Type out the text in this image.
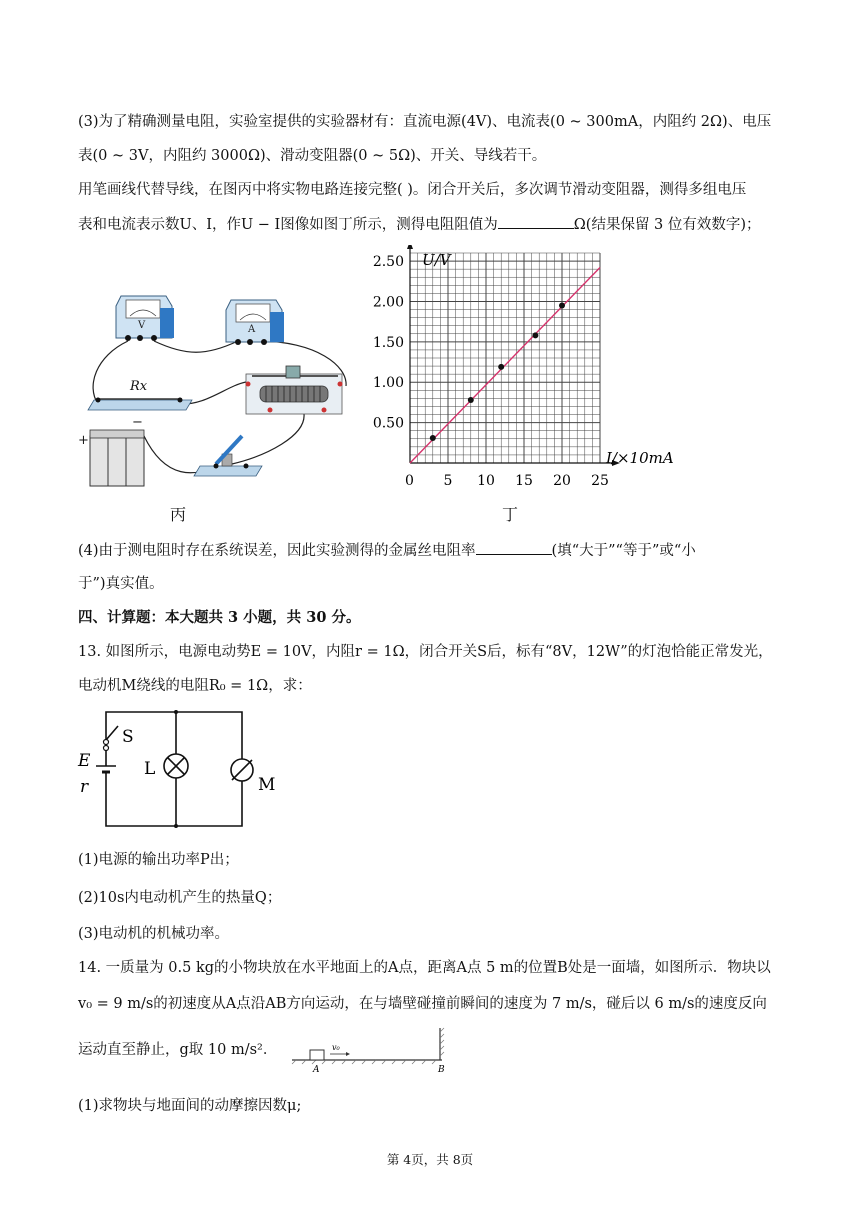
(3)为了精确测量电阻，实验室提供的实验器材有：直流电源(4V)、电流表(0 ~ 300mA，内阻约 2Ω)、电压
表(0 ~ 3V，内阻约 3000Ω)、滑动变阻器(0 ~ 5Ω)、开关、导线若干。
用笔画线代替导线，在图丙中将实物电路连接完整( )。闭合开关后，多次调节滑动变阻器，测得多组电压
表和电流表示数U、I，作U − I图像如图丁所示，测得电阻阻值为	Ω(结果保留 3 位有效数字)；
V	A
Rx
+
−
丙
5 10 15 20 25
0.50
1.00
1.50
2.00
2.50 U/V
I/×10mA
0
丁
(4)由于测电阻时存在系统误差，因此实验测得的金属丝电阻率	(填“大于”“等于”或“小
于”)真实值。
四、计算题：本大题共 3 小题，共 30 分。
13. 如图所示，电源电动势E = 10V，内阻r = 1Ω，闭合开关S后，标有“8V，12W”的灯泡恰能正常发光，
电动机M绕线的电阻R₀ = 1Ω，求：
S
E
r
L
M
(1)电源的输出功率P出；
(2)10s内电动机产生的热量Q；
(3)电动机的机械功率。
14. 一质量为 0.5 kg的小物块放在水平地面上的A点，距离A点 5 m的位置B处是一面墙，如图所示．物块以
v₀ = 9 m/s的初速度从A点沿AB方向运动，在与墙壁碰撞前瞬间的速度为 7 m/s，碰后以 6 m/s的速度反向
运动直至静止，g取 10 m/s²．	v₀
A	B
(1)求物块与地面间的动摩擦因数μ;
第 4页，共 8页
